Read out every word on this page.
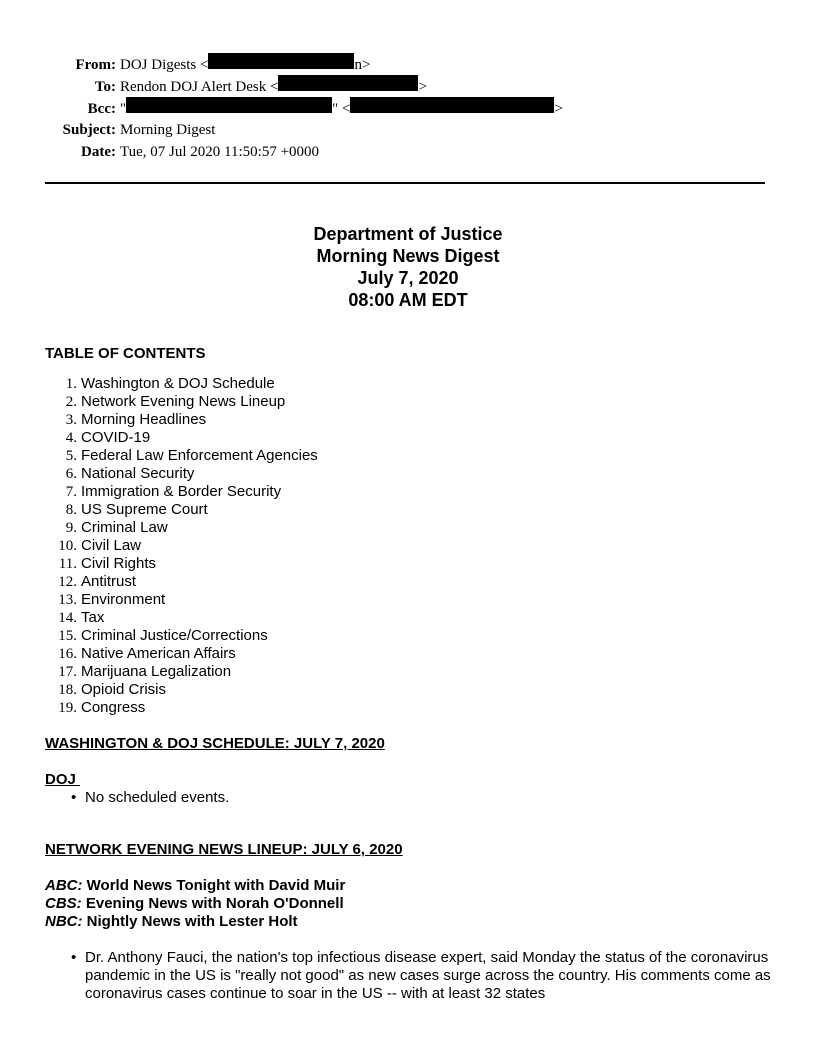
From: DOJ Digests <	n>
To: Rendon DOJ Alert Desk <	>
Bcc: "	" <	>
Subject: Morning Digest
Date: Tue, 07 Jul 2020 11:50:57 +0000
Department of Justice
Morning News Digest
July 7, 2020
08:00 AM EDT
TABLE OF CONTENTS
1. Washington & DOJ Schedule
2. Network Evening News Lineup
3. Morning Headlines
4. COVID-19
5. Federal Law Enforcement Agencies
6. National Security
7. Immigration & Border Security
8. US Supreme Court
9. Criminal Law
10. Civil Law
11. Civil Rights
12. Antitrust
13. Environment
14. Tax
15. Criminal Justice/Corrections
16. Native American Affairs
17. Marijuana Legalization
18. Opioid Crisis
19. Congress
WASHINGTON & DOJ SCHEDULE: JULY 7, 2020
DOJ
• No scheduled events.
NETWORK EVENING NEWS LINEUP: JULY 6, 2020
ABC: World News Tonight with David Muir
CBS: Evening News with Norah O'Donnell
NBC: Nightly News with Lester Holt
• Dr. Anthony Fauci, the nation's top infectious disease expert, said Monday the status of the coronavirus pandemic in the US is "really not good" as new cases surge across the country. His comments come as coronavirus cases continue to soar in the US -- with at least 32 states
